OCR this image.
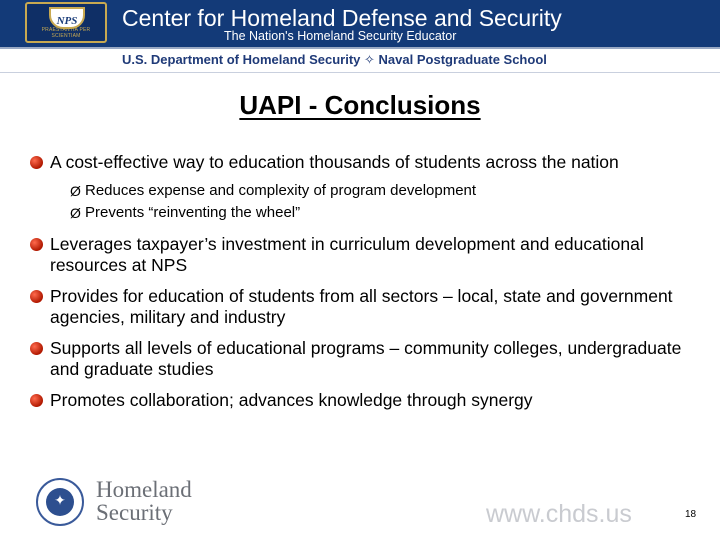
NPS
PRAESTANTIA PER SCIENTIAM
Center for Homeland Defense and Security
The Nation's Homeland Security Educator
U.S. Department of Homeland Security ✧ Naval Postgraduate School
UAPI - Conclusions
A cost-effective way to education thousands of students across the nation
Ø Reduces expense and complexity of program development
Ø Prevents “reinventing the wheel”
Leverages taxpayer’s investment in curriculum development and educational resources at NPS
Provides for education of students from all sectors – local, state and government agencies, military and industry
Supports all levels of educational programs – community colleges, undergraduate and graduate studies
Promotes collaboration; advances knowledge through synergy
✦	Homeland
Security	www.chds.us	18
